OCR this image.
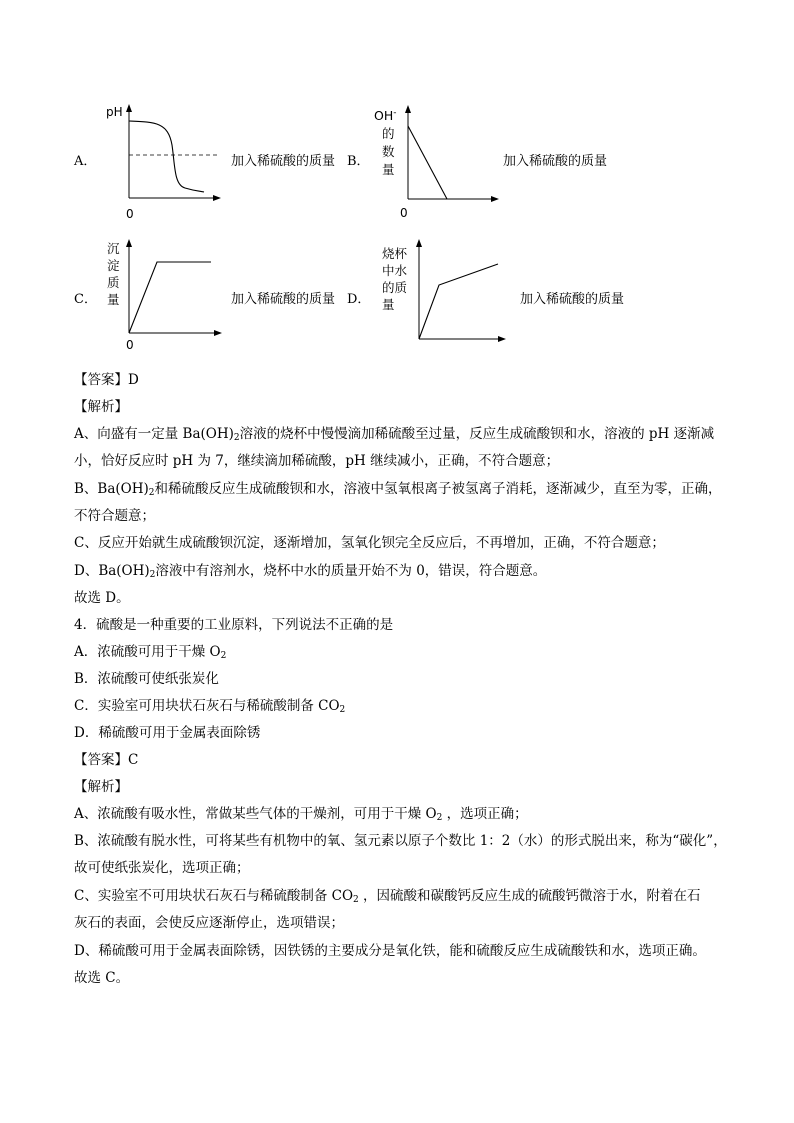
A．
pH
0
加入稀硫酸的质量 B．
OH-
的
数
量
0
加入稀硫酸的质量
C．
沉
淀
质
量
0
加入稀硫酸的质量 D．
烧杯
中水
的质
量	加入稀硫酸的质量
【答案】D
【解析】
A、向盛有一定量 $Ba(OH)_2$溶液的烧杯中慢慢滴加稀硫酸至过量，反应生成硫酸钡和水，溶液的 pH 逐渐减
小，恰好反应时 pH 为 7，继续滴加稀硫酸，pH 继续减小，正确，不符合题意；
B、$Ba(OH)_2$和稀硫酸反应生成硫酸钡和水，溶液中氢氧根离子被氢离子消耗，逐渐减少，直至为零，正确，
不符合题意；
C、反应开始就生成硫酸钡沉淀，逐渐增加，氢氧化钡完全反应后，不再增加，正确，不符合题意；
D、$Ba(OH)_2$溶液中有溶剂水，烧杯中水的质量开始不为 0，错误，符合题意。
故选 D。
4．硫酸是一种重要的工业原料，下列说法不正确的是
A．浓硫酸可用于干燥 $O_2$
B．浓硫酸可使纸张炭化
C．实验室可用块状石灰石与稀硫酸制备 $CO_2$
D．稀硫酸可用于金属表面除锈
【答案】C
【解析】
A、浓硫酸有吸水性，常做某些气体的干燥剂，可用于干燥 $O_2$ ，选项正确；
B、浓硫酸有脱水性，可将某些有机物中的氧、氢元素以原子个数比 1：2（水）的形式脱出来，称为“碳化”，
故可使纸张炭化，选项正确；
C、实验室不可用块状石灰石与稀硫酸制备 $CO_2$ ，因硫酸和碳酸钙反应生成的硫酸钙微溶于水，附着在石
灰石的表面，会使反应逐渐停止，选项错误；
D、稀硫酸可用于金属表面除锈，因铁锈的主要成分是氧化铁，能和硫酸反应生成硫酸铁和水，选项正确。
故选 C。
